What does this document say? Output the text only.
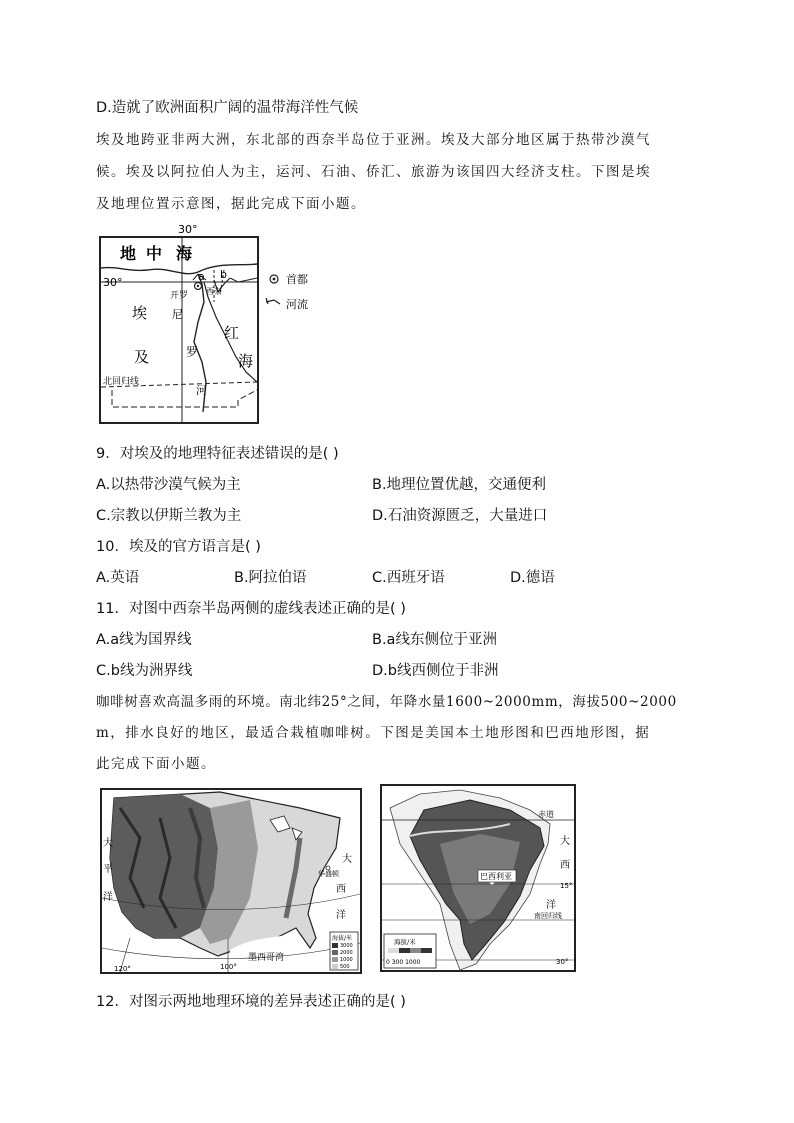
D.造就了欧洲面积广阔的温带海洋性气候
埃及地跨亚非两大洲，东北部的西奈半岛位于亚洲。埃及大部分地区属于热带沙漠气
候。埃及以阿拉伯人为主，运河、石油、侨汇、旅游为该国四大经济支柱。下图是埃
及地理位置示意图，据此完成下面小题。
30°
30°
地 中 海
a b
开罗 西奈
埃
及
尼
罗
河
红
海
北回归线
首都
河流
9．对埃及的地理特征表述错误的是( )
A.以热带沙漠气候为主	B.地理位置优越，交通便利
C.宗教以伊斯兰教为主	D.石油资源匮乏，大量进口
10．埃及的官方语言是( )
A.英语	B.阿拉伯语	C.西班牙语	D.德语
11．对图中西奈半岛两侧的虚线表述正确的是( )
A.a线为国界线	B.a线东侧位于亚洲
C.b线为洲界线	D.b线西侧位于非洲
咖啡树喜欢高温多雨的环境。南北纬25°之间，年降水量1600~2000mm，海拔500~2000
m，排水良好的地区，最适合栽植咖啡树。下图是美国本土地形图和巴西地形图，据
此完成下面小题。
大
平
洋
大
西
洋
华盛顿
墨西哥湾
120°	100°
海拔/米
3000
2000
1000
500
巴西利亚
赤道
大
西
洋
15°
南回归线
30°
海拔/米
0 300 1000
12．对图示两地地理环境的差异表述正确的是( )
